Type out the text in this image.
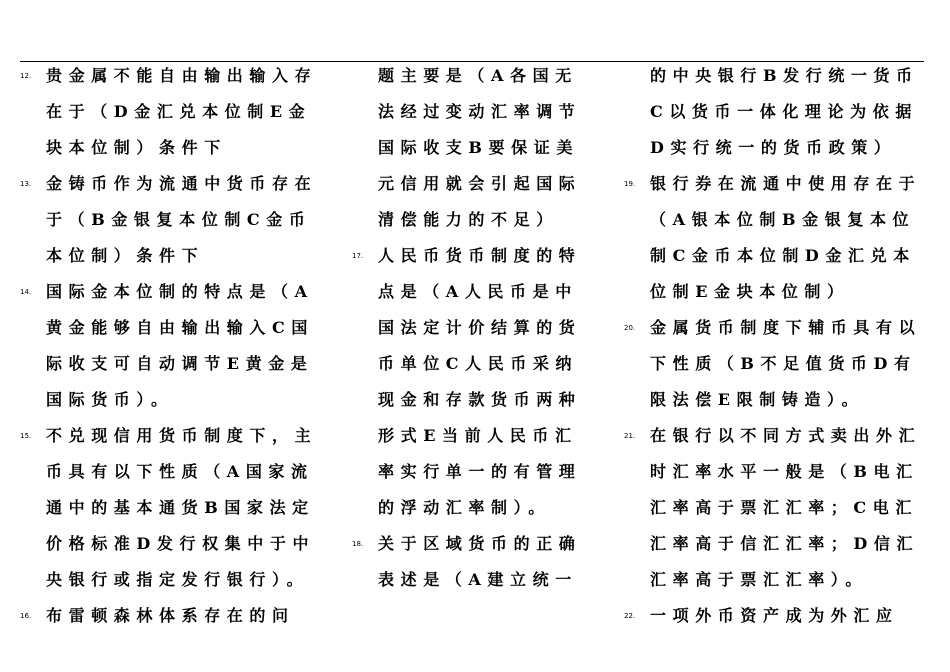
12. 贵金属不能自由输出输入存在于（D金汇兑本位制E金块本位制）条件下
13. 金铸币作为流通中货币存在于（B金银复本位制C金币本位制）条件下
14. 国际金本位制的特点是（A黄金能够自由输出输入C国际收支可自动调节E黄金是国际货币）。
15. 不兑现信用货币制度下，主币具有以下性质（A国家流通中的基本通货B国家法定价格标准D发行权集中于中央银行或指定发行银行）。
16. 布雷顿森林体系存在的问
题主要是（A各国无法经过变动汇率调节国际收支B要保证美元信用就会引起国际清偿能力的不足）
17. 人民币货币制度的特点是（A人民币是中国法定计价结算的货币单位C人民币采纳现金和存款货币两种形式E当前人民币汇率实行单一的有管理的浮动汇率制）。
18. 关于区域货币的正确表述是（A建立统一
的中央银行B发行统一货币C以货币一体化理论为依据D实行统一的货币政策）
19. 银行券在流通中使用存在于（A银本位制B金银复本位制C金币本位制D金汇兑本位制E金块本位制）
20. 金属货币制度下辅币具有以下性质（B不足值货币D有限法偿E限制铸造）。
21. 在银行以不同方式卖出外汇时汇率水平一般是（B电汇汇率高于票汇汇率；C电汇汇率高于信汇汇率；D信汇汇率高于票汇汇率）。
22. 一项外币资产成为外汇应
